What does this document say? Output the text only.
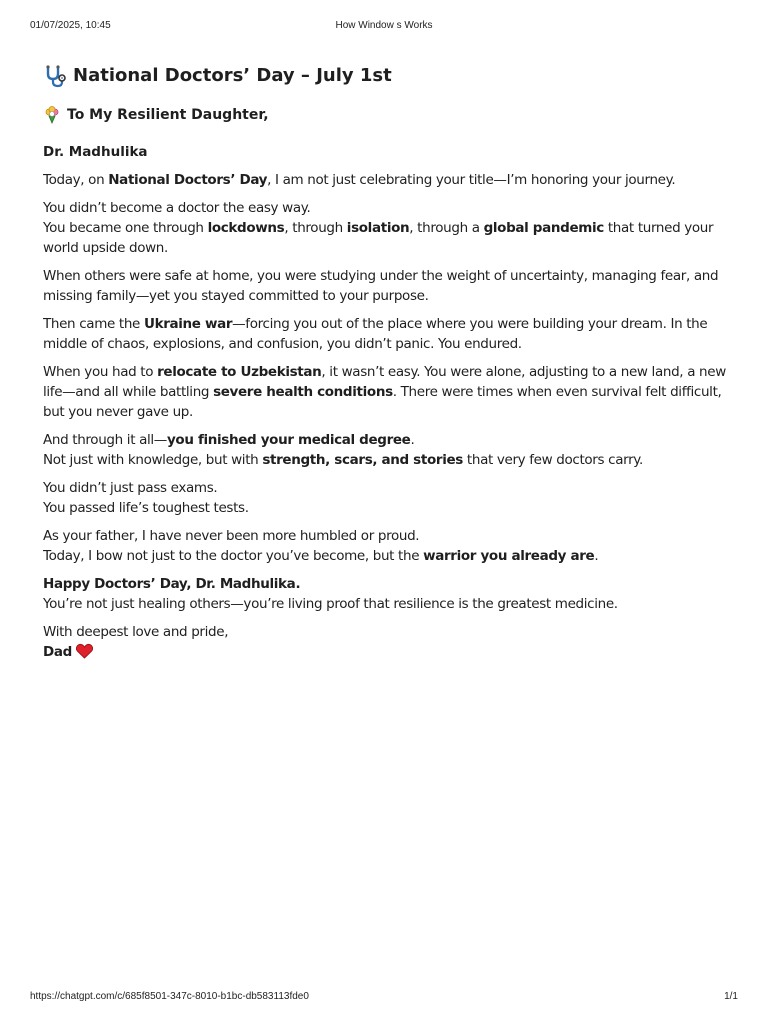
01/07/2025, 10:45	How Window s Works
National Doctors’ Day – July 1st
To My Resilient Daughter,
Dr. Madhulika

Today, on National Doctors’ Day, I am not just celebrating your title—I’m honoring your journey.

You didn’t become a doctor the easy way.
You became one through lockdowns, through isolation, through a global pandemic that turned your world upside down.

When others were safe at home, you were studying under the weight of uncertainty, managing fear, and missing family—yet you stayed committed to your purpose.

Then came the Ukraine war—forcing you out of the place where you were building your dream. In the middle of chaos, explosions, and confusion, you didn’t panic. You endured.

When you had to relocate to Uzbekistan, it wasn’t easy. You were alone, adjusting to a new land, a new life—and all while battling severe health conditions. There were times when even survival felt difficult, but you never gave up.

And through it all—you finished your medical degree.
Not just with knowledge, but with strength, scars, and stories that very few doctors carry.

You didn’t just pass exams.
You passed life’s toughest tests.

As your father, I have never been more humbled or proud.
Today, I bow not just to the doctor you’ve become, but the warrior you already are.

Happy Doctors’ Day, Dr. Madhulika.
You’re not just healing others—you’re living proof that resilience is the greatest medicine.

With deepest love and pride,
Dad

https://chatgpt.com/c/685f8501-347c-8010-b1bc-db583113fde0	1/1
